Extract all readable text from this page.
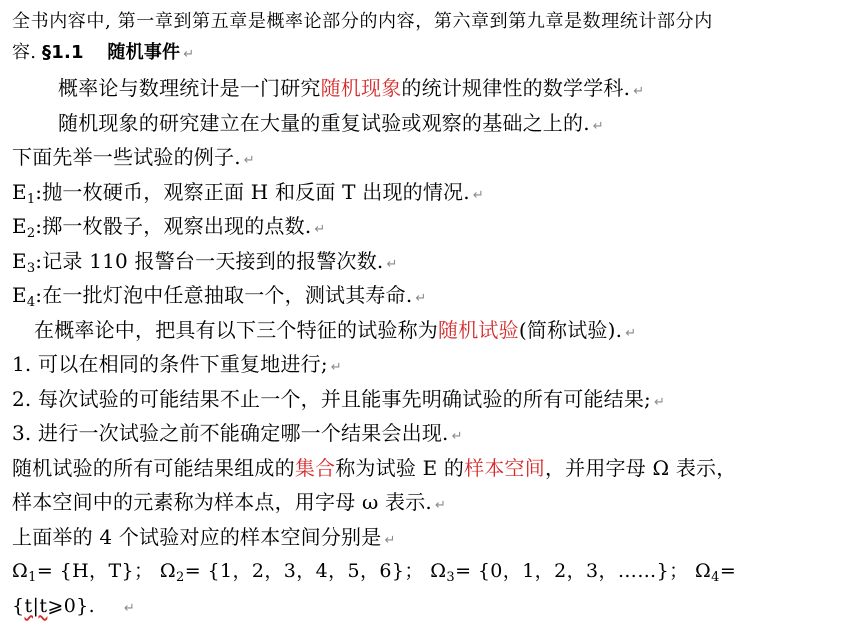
全书内容中, 第一章到第五章是概率论部分的内容，第六章到第九章是数理统计部分内
容. §1.1 随机事件 ↵
概率论与数理统计是一门研究随机现象的统计规律性的数学学科. ↵
随机现象的研究建立在大量的重复试验或观察的基础之上的. ↵
下面先举一些试验的例子. ↵
$E_1$:抛一枚硬币，观察正面 H 和反面 T 出现的情况. ↵
$E_2$:掷一枚骰子，观察出现的点数. ↵
$E_3$:记录 110 报警台一天接到的报警次数. ↵
$E_4$:在一批灯泡中任意抽取一个，测试其寿命. ↵
在概率论中，把具有以下三个特征的试验称为随机试验(简称试验). ↵
1. 可以在相同的条件下重复地进行; ↵
2. 每次试验的可能结果不止一个，并且能事先明确试验的所有可能结果; ↵
3. 进行一次试验之前不能确定哪一个结果会出现. ↵
随机试验的所有可能结果组成的集合称为试验 E 的样本空间，并用字母 Ω 表示，
样本空间中的元素称为样本点，用字母 ω 表示. ↵
上面举的 4 个试验对应的样本空间分别是 ↵
$\Omega_1= \{H$，T}； $\Omega_2= \{1$，2，3，4，5，6}； $\Omega_3= \{0$，1，2，3，……}； $\Omega_4=$
{t|t⩾0}. ↵
